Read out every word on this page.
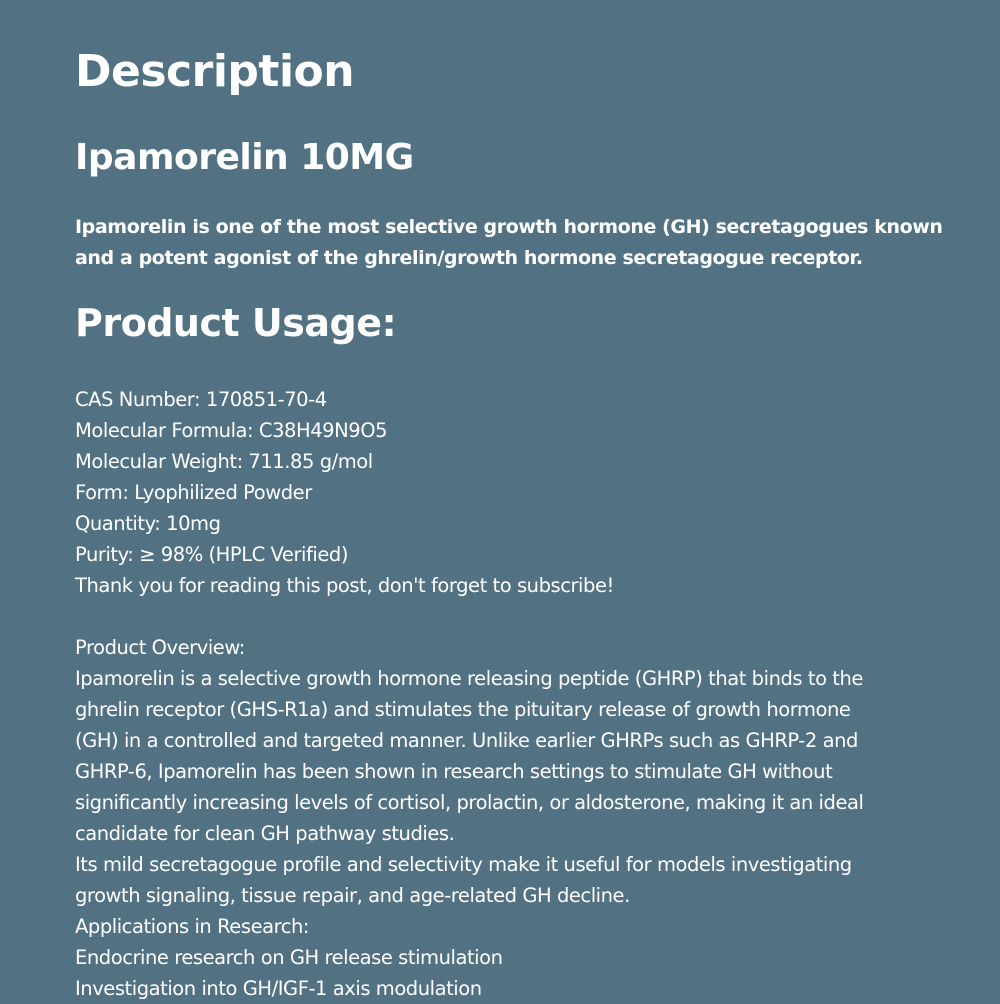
Description
Ipamorelin 10MG

Ipamorelin is one of the most selective growth hormone (GH) secretagogues known and a potent agonist of the ghrelin/growth hormone secretagogue receptor.

Product Usage:
CAS Number: 170851-70-4
Molecular Formula: C38H49N9O5
Molecular Weight: 711.85 g/mol
Form: Lyophilized Powder
Quantity: 10mg
Purity: ≥ 98% (HPLC Verified)
Thank you for reading this post, don't forget to subscribe!
Product Overview:
Ipamorelin is a selective growth hormone releasing peptide (GHRP) that binds to the
ghrelin receptor (GHS-R1a) and stimulates the pituitary release of growth hormone
(GH) in a controlled and targeted manner. Unlike earlier GHRPs such as GHRP-2 and
GHRP-6, Ipamorelin has been shown in research settings to stimulate GH without
significantly increasing levels of cortisol, prolactin, or aldosterone, making it an ideal
candidate for clean GH pathway studies.
Its mild secretagogue profile and selectivity make it useful for models investigating
growth signaling, tissue repair, and age-related GH decline.
Applications in Research:
Endocrine research on GH release stimulation
Investigation into GH/IGF-1 axis modulation
